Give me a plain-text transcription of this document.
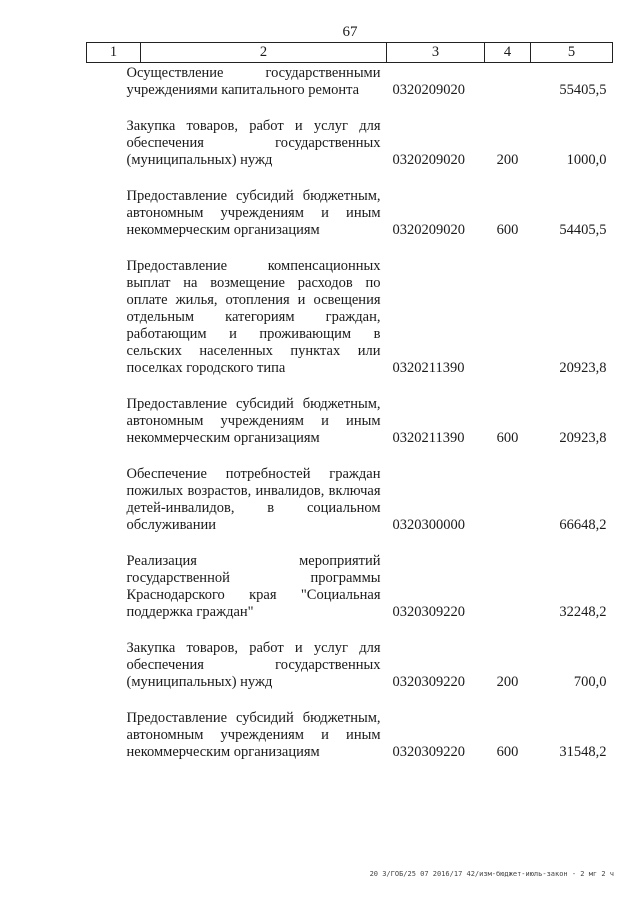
67
1	2	3	4	5

Осуществление государственными учреждениями капитального ремонта		0320209020		55405,5

Закупка товаров, работ и услуг для обеспечения государственных (муниципальных) нужд		0320209020	200	1000,0

Предоставление субсидий бюджетным, автономным учреждениям и иным некоммерческим организациям		0320209020	600	54405,5

Предоставление компенсационных выплат на возмещение расходов по оплате жилья, отопления и освещения отдельным категориям граждан, работающим и проживающим в сельских населенных пунктах или поселках городского типа		0320211390		20923,8

Предоставление субсидий бюджетным, автономным учреждениям и иным некоммерческим организациям		0320211390	600	20923,8

Обеспечение потребностей граждан пожилых возрастов, инвалидов, включая детей-инвалидов, в социальном обслуживании		0320300000		66648,2

Реализация мероприятий государственной программы Краснодарского края "Социальная поддержка граждан"		0320309220		32248,2

Закупка товаров, работ и услуг для обеспечения государственных (муниципальных) нужд		0320309220	200	700,0

Предоставление субсидий бюджетным, автономным учреждениям и иным некоммерческим организациям		0320309220	600	31548,2
20 3/ГОБ/25 07 2016/17 42/изм-бюджет-июль-закон - 2 мг 2 ч
